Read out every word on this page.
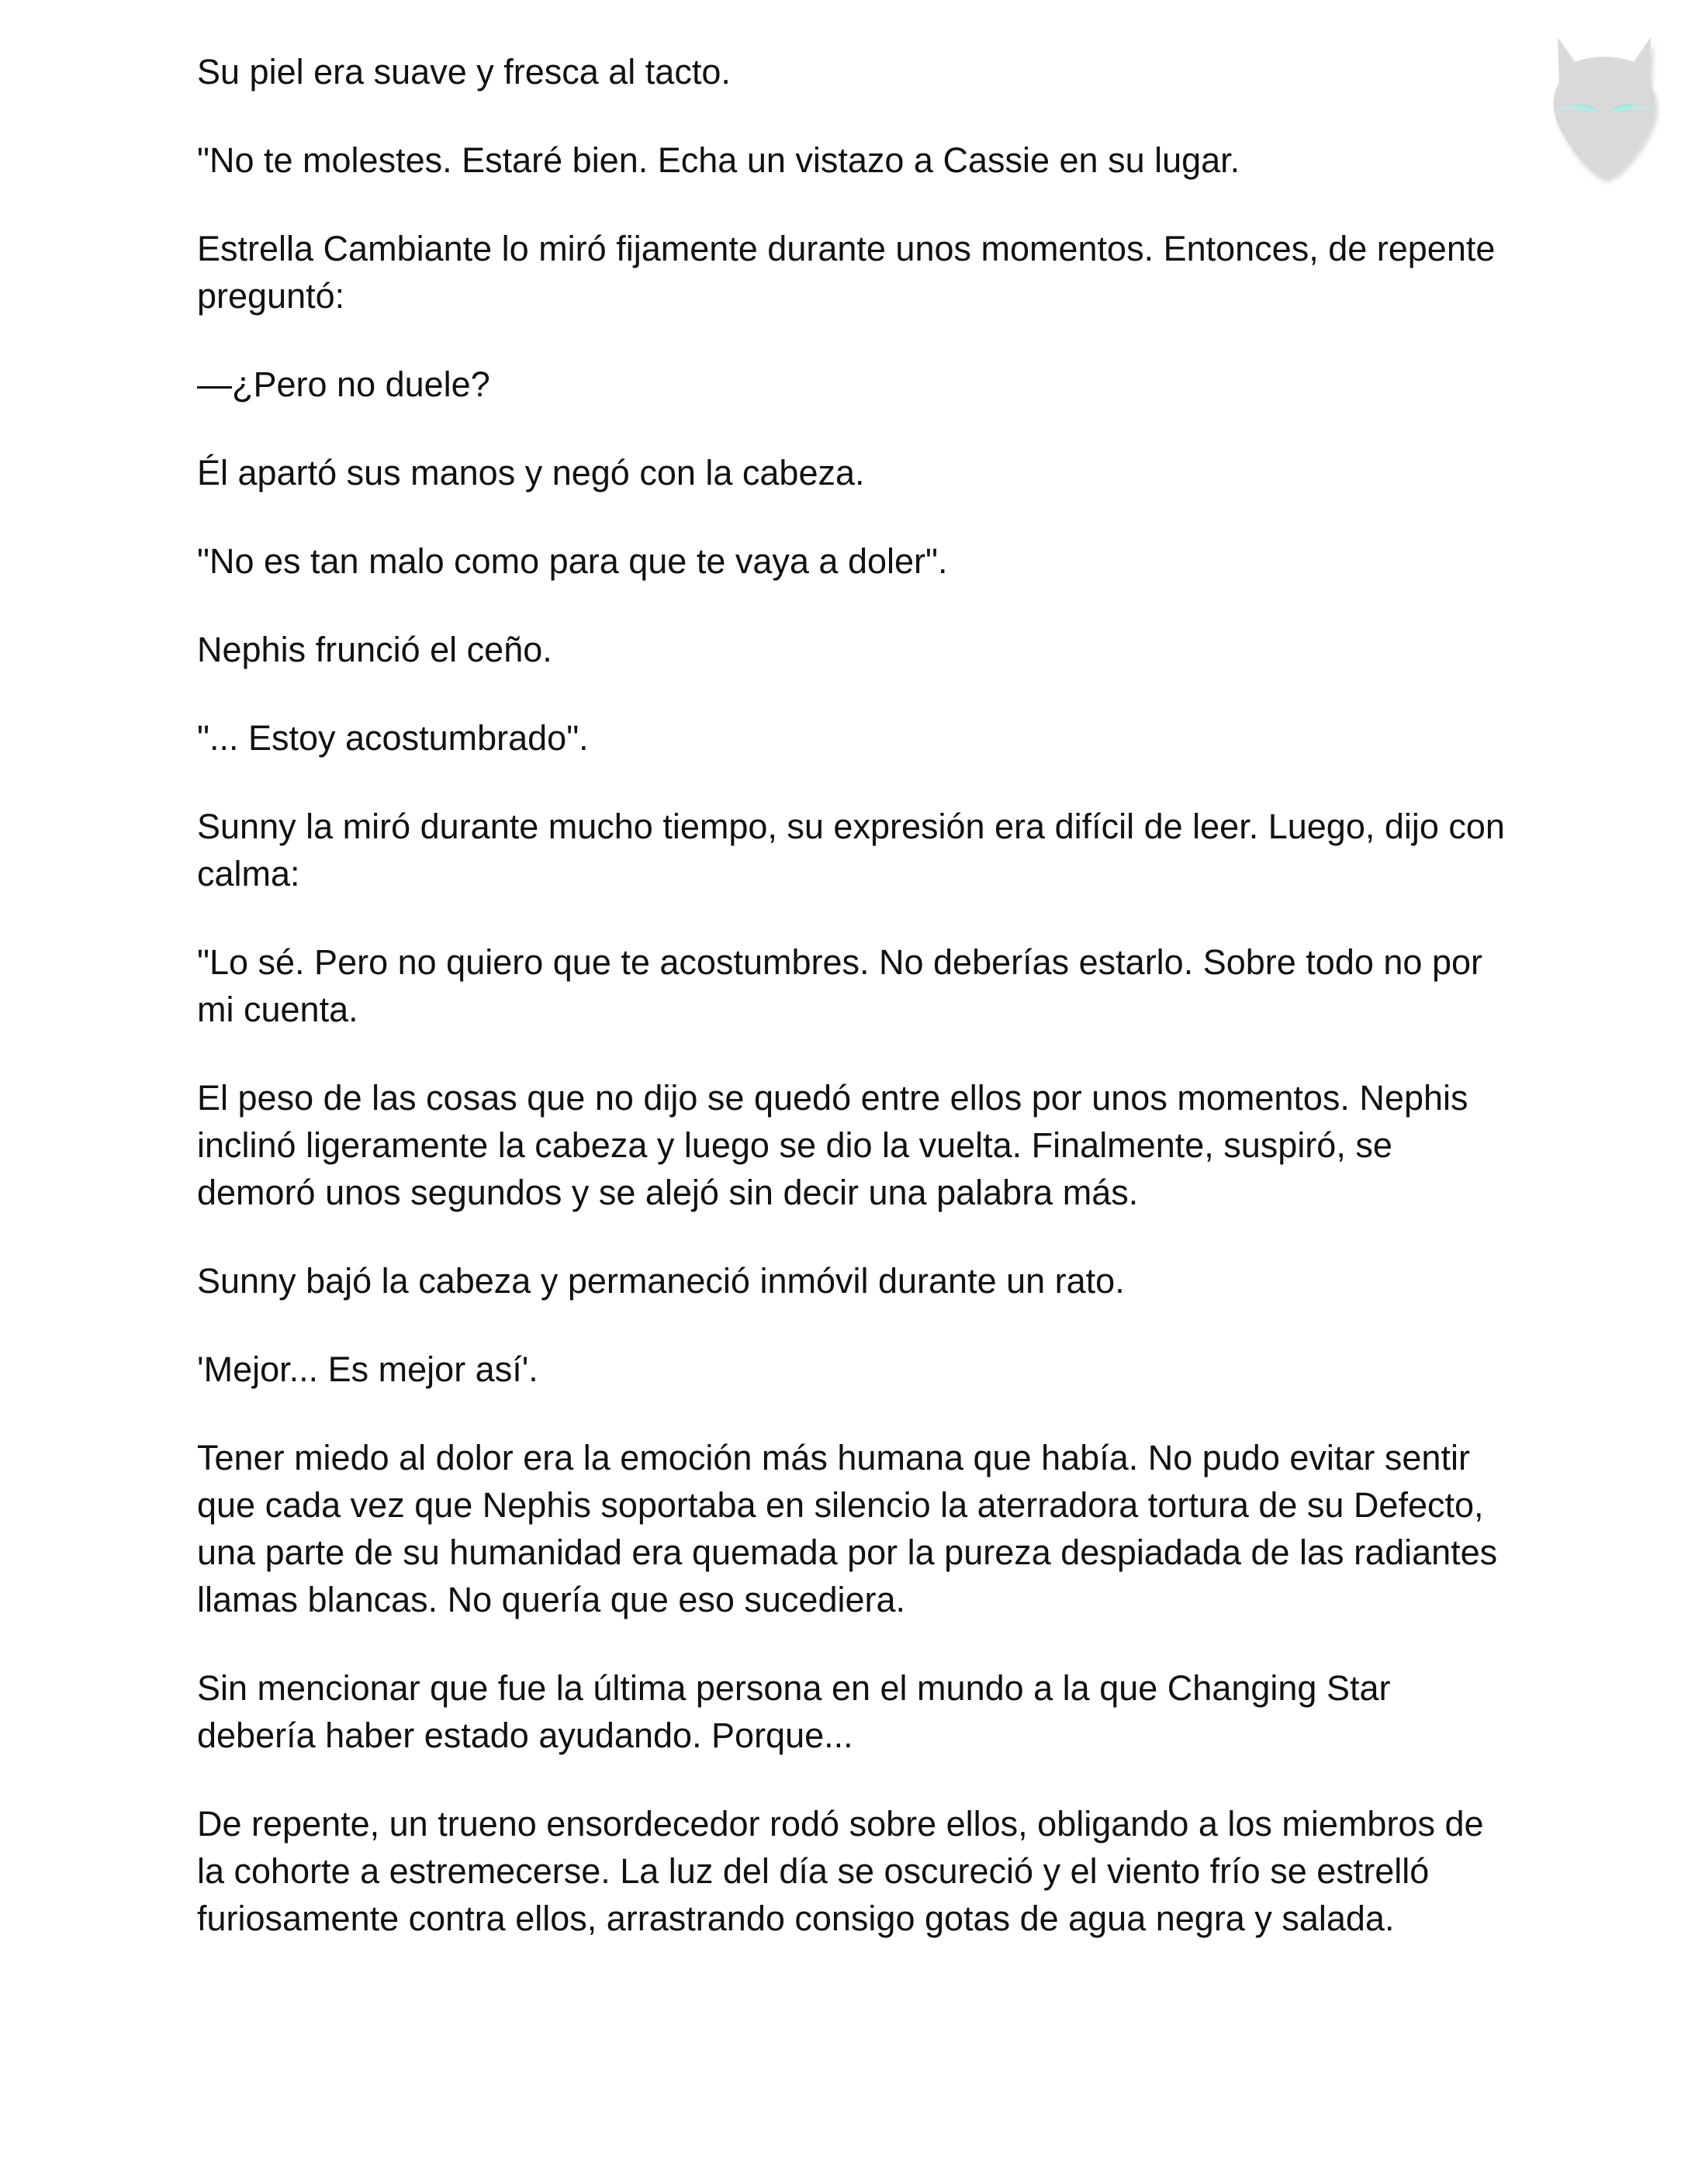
Su piel era suave y fresca al tacto.

"No te molestes. Estaré bien. Echa un vistazo a Cassie en su lugar.

Estrella Cambiante lo miró fijamente durante unos momentos. Entonces, de repente preguntó:

—¿Pero no duele?

Él apartó sus manos y negó con la cabeza.

"No es tan malo como para que te vaya a doler".

Nephis frunció el ceño.

"... Estoy acostumbrado".

Sunny la miró durante mucho tiempo, su expresión era difícil de leer. Luego, dijo con calma:

"Lo sé. Pero no quiero que te acostumbres. No deberías estarlo. Sobre todo no por mi cuenta.

El peso de las cosas que no dijo se quedó entre ellos por unos momentos. Nephis inclinó ligeramente la cabeza y luego se dio la vuelta. Finalmente, suspiró, se demoró unos segundos y se alejó sin decir una palabra más.

Sunny bajó la cabeza y permaneció inmóvil durante un rato.

'Mejor... Es mejor así'.

Tener miedo al dolor era la emoción más humana que había. No pudo evitar sentir que cada vez que Nephis soportaba en silencio la aterradora tortura de su Defecto, una parte de su humanidad era quemada por la pureza despiadada de las radiantes llamas blancas. No quería que eso sucediera.

Sin mencionar que fue la última persona en el mundo a la que Changing Star debería haber estado ayudando. Porque...

De repente, un trueno ensordecedor rodó sobre ellos, obligando a los miembros de la cohorte a estremecerse. La luz del día se oscureció y el viento frío se estrelló furiosamente contra ellos, arrastrando consigo gotas de agua negra y salada.
